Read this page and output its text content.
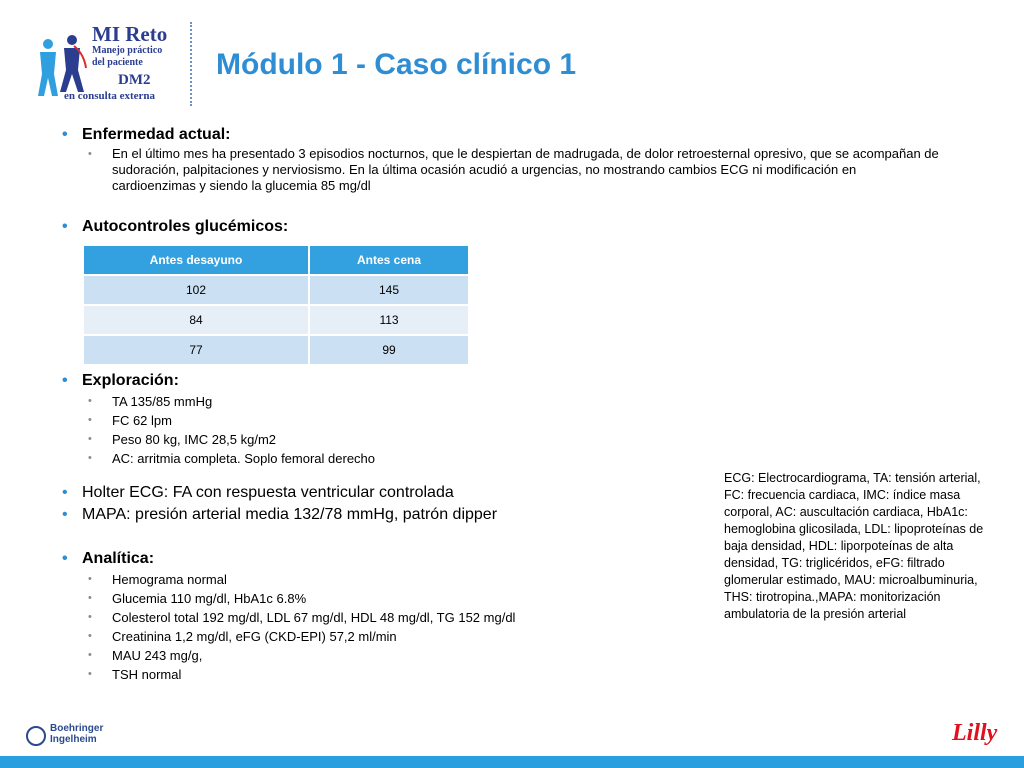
MI Reto
Manejo práctico
del paciente
DM2
en consulta externa
Módulo 1 - Caso clínico 1
• Enfermedad actual:
• En el último mes ha presentado 3 episodios nocturnos, que le despiertan de madrugada, de dolor retroesternal opresivo, que se acompañan de sudoración, palpitaciones y nerviosismo. En la última ocasión acudió a urgencias, no mostrando cambios ECG ni modificación en cardioenzimas y siendo la glucemia 85 mg/dl
• Autocontroles glucémicos:
Antes desayuno	Antes cena
102	145
84	113
77	99
• Exploración:
• TA 135/85 mmHg
• FC 62 lpm
• Peso 80 kg, IMC 28,5 kg/m2
• AC: arritmia completa. Soplo femoral derecho
• Holter ECG: FA con respuesta ventricular controlada
• MAPA: presión arterial media 132/78 mmHg, patrón dipper
• Analítica:
• Hemograma normal
• Glucemia 110 mg/dl, HbA1c 6.8%
• Colesterol total 192 mg/dl, LDL 67 mg/dl, HDL 48 mg/dl, TG 152 mg/dl
• Creatinina 1,2 mg/dl, eFG (CKD-EPI) 57,2 ml/min
• MAU 243 mg/g,
• TSH normal
ECG: Electrocardiograma, TA: tensión arterial, FC: frecuencia cardiaca, IMC: índice masa corporal, AC: auscultación cardiaca, HbA1c: hemoglobina glicosilada, LDL: lipoproteínas de baja densidad, HDL: liporpoteínas de alta densidad, TG: triglicéridos, eFG: filtrado glomerular estimado, MAU: microalbuminuria, THS: tirotropina.,MAPA: monitorización ambulatoria de la presión arterial
Boehringer
Ingelheim	Lilly
